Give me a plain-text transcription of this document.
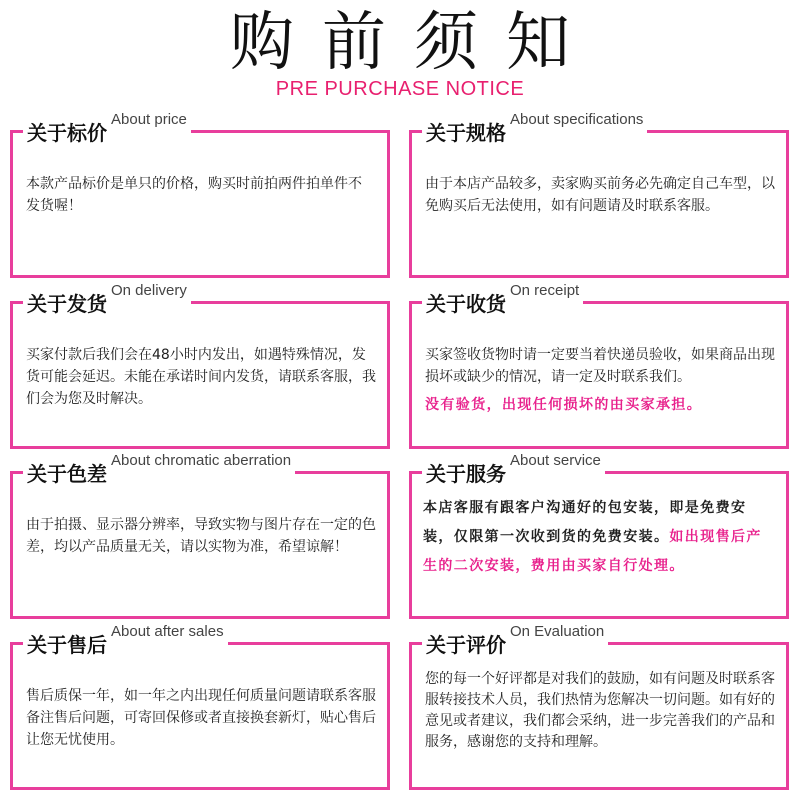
购前须知
PRE PURCHASE NOTICE
关于标价
About price
本款产品标价是单只的价格，购买时前拍两件拍单件不发货喔！
关于规格
About specifications
由于本店产品较多，卖家购买前务必先确定自己车型，以免购买后无法使用，如有问题请及时联系客服。
关于发货
On delivery
买家付款后我们会在48小时内发出，如遇特殊情况，发货可能会延迟。未能在承诺时间内发货，请联系客服，我们会为您及时解决。
关于收货
On receipt
买家签收货物时请一定要当着快递员验收，如果商品出现损坏或缺少的情况，请一定及时联系我们。
没有验货，出现任何损坏的由买家承担。
关于色差
About chromatic aberration
由于拍摄、显示器分辨率，导致实物与图片存在一定的色差，均以产品质量无关，请以实物为准，希望谅解！
关于服务
About service
本店客服有跟客户沟通好的包安装，即是免费安装，仅限第一次收到货的免费安装。如出现售后产生的二次安装，费用由买家自行处理。
关于售后
About after sales
售后质保一年，如一年之内出现任何质量问题请联系客服备注售后问题，可寄回保修或者直接换套新灯，贴心售后让您无忧使用。
关于评价
On Evaluation
您的每一个好评都是对我们的鼓励，如有问题及时联系客服转接技术人员，我们热情为您解决一切问题。如有好的意见或者建议，我们都会采纳，进一步完善我们的产品和服务，感谢您的支持和理解。
